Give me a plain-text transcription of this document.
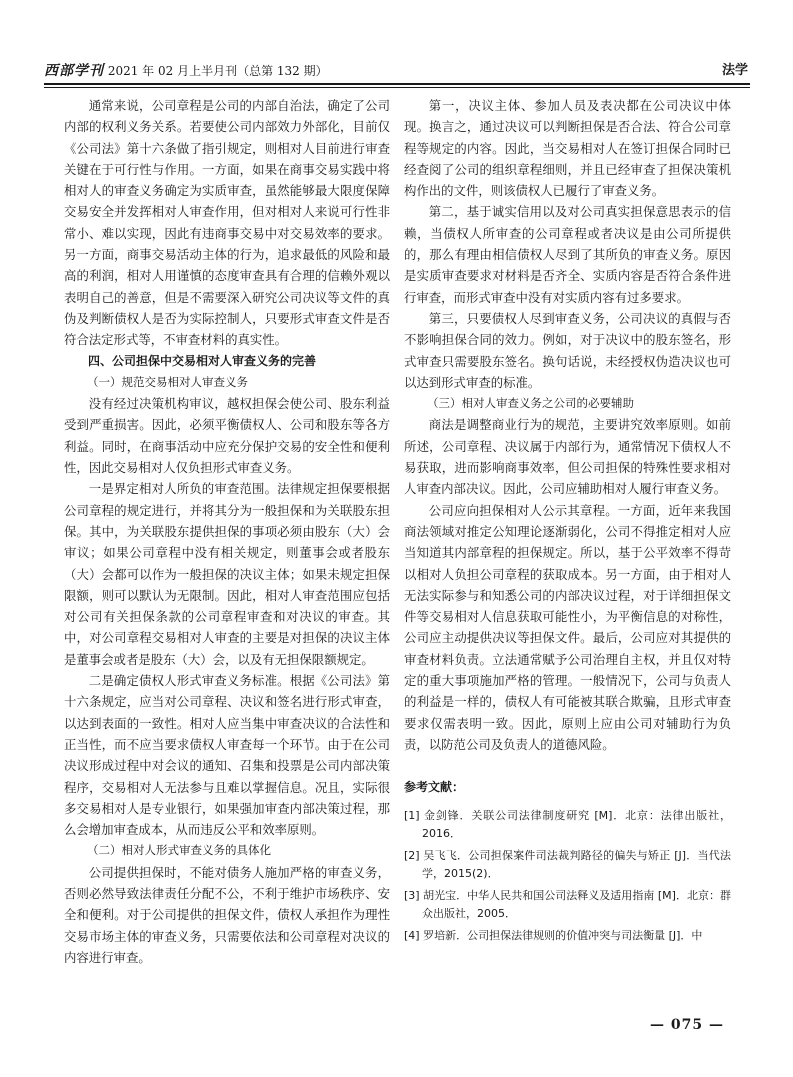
西部学刊 2021 年 02 月上半月刊（总第 132 期）	法学
通常来说，公司章程是公司的内部自治法，确定了公司内部的权利义务关系。若要使公司内部效力外部化，目前仅《公司法》第十六条做了指引规定，则相对人目前进行审查关键在于可行性与作用。一方面，如果在商事交易实践中将相对人的审查义务确定为实质审查，虽然能够最大限度保障交易安全并发挥相对人审查作用，但对相对人来说可行性非常小、难以实现，因此有违商事交易中对交易效率的要求。另一方面，商事交易活动主体的行为，追求最低的风险和最高的利润，相对人用谨慎的态度审查具有合理的信赖外观以表明自己的善意，但是不需要深入研究公司决议等文件的真伪及判断债权人是否为实际控制人，只要形式审查文件是否符合法定形式等，不审查材料的真实性。
四、公司担保中交易相对人审查义务的完善
（一）规范交易相对人审查义务
没有经过决策机构审议，越权担保会使公司、股东利益受到严重损害。因此，必须平衡债权人、公司和股东等各方利益。同时，在商事活动中应充分保护交易的安全性和便利性，因此交易相对人仅负担形式审查义务。
一是界定相对人所负的审查范围。法律规定担保要根据公司章程的规定进行，并将其分为一般担保和为关联股东担保。其中，为关联股东提供担保的事项必须由股东（大）会审议；如果公司章程中没有相关规定，则董事会或者股东（大）会都可以作为一般担保的决议主体；如果未规定担保限额，则可以默认为无限制。因此，相对人审查范围应包括对公司有关担保条款的公司章程审查和对决议的审查。其中，对公司章程交易相对人审查的主要是对担保的决议主体是董事会或者是股东（大）会，以及有无担保限额规定。
二是确定债权人形式审查义务标准。根据《公司法》第十六条规定，应当对公司章程、决议和签名进行形式审查，以达到表面的一致性。相对人应当集中审查决议的合法性和正当性，而不应当要求债权人审查每一个环节。由于在公司决议形成过程中对会议的通知、召集和投票是公司内部决策程序，交易相对人无法参与且难以掌握信息。况且，实际很多交易相对人是专业银行，如果强加审查内部决策过程，那么会增加审查成本，从而违反公平和效率原则。
（二）相对人形式审查义务的具体化
公司提供担保时，不能对债务人施加严格的审查义务，否则必然导致法律责任分配不公，不利于维护市场秩序、安全和便利。对于公司提供的担保文件，债权人承担作为理性交易市场主体的审查义务，只需要依法和公司章程对决议的内容进行审查。
第一，决议主体、参加人员及表决都在公司决议中体现。换言之，通过决议可以判断担保是否合法、符合公司章程等规定的内容。因此，当交易相对人在签订担保合同时已经查阅了公司的组织章程细则，并且已经审查了担保决策机构作出的文件，则该债权人已履行了审查义务。
第二，基于诚实信用以及对公司真实担保意思表示的信赖，当债权人所审查的公司章程或者决议是由公司所提供的，那么有理由相信债权人尽到了其所负的审查义务。原因是实质审查要求对材料是否齐全、实质内容是否符合条件进行审查，而形式审查中没有对实质内容有过多要求。
第三，只要债权人尽到审查义务，公司决议的真假与否不影响担保合同的效力。例如，对于决议中的股东签名，形式审查只需要股东签名。换句话说，未经授权伪造决议也可以达到形式审查的标准。
（三）相对人审查义务之公司的必要辅助
商法是调整商业行为的规范，主要讲究效率原则。如前所述，公司章程、决议属于内部行为，通常情况下债权人不易获取，进而影响商事效率，但公司担保的特殊性要求相对人审查内部决议。因此，公司应辅助相对人履行审查义务。
公司应向担保相对人公示其章程。一方面，近年来我国商法领域对推定公知理论逐渐弱化，公司不得推定相对人应当知道其内部章程的担保规定。所以，基于公平效率不得苛以相对人负担公司章程的获取成本。另一方面，由于相对人无法实际参与和知悉公司的内部决议过程，对于详细担保文件等交易相对人信息获取可能性小，为平衡信息的对称性，公司应主动提供决议等担保文件。最后，公司应对其提供的审查材料负责。立法通常赋予公司治理自主权，并且仅对特定的重大事项施加严格的管理。一般情况下，公司与负责人的利益是一样的，债权人有可能被其联合欺骗，且形式审查要求仅需表明一致。因此，原则上应由公司对辅助行为负责，以防范公司及负责人的道德风险。
参考文献：
[1] 金剑锋．关联公司法律制度研究 [M]．北京：法律出版社，2016．
[2] 吴飞飞．公司担保案件司法裁判路径的偏失与矫正 [J]．当代法学，2015(2)．
[3] 胡光宝．中华人民共和国公司法释义及适用指南 [M]．北京：群众出版社，2005．
[4] 罗培新．公司担保法律规则的价值冲突与司法衡量 [J]．中
— 075 —
